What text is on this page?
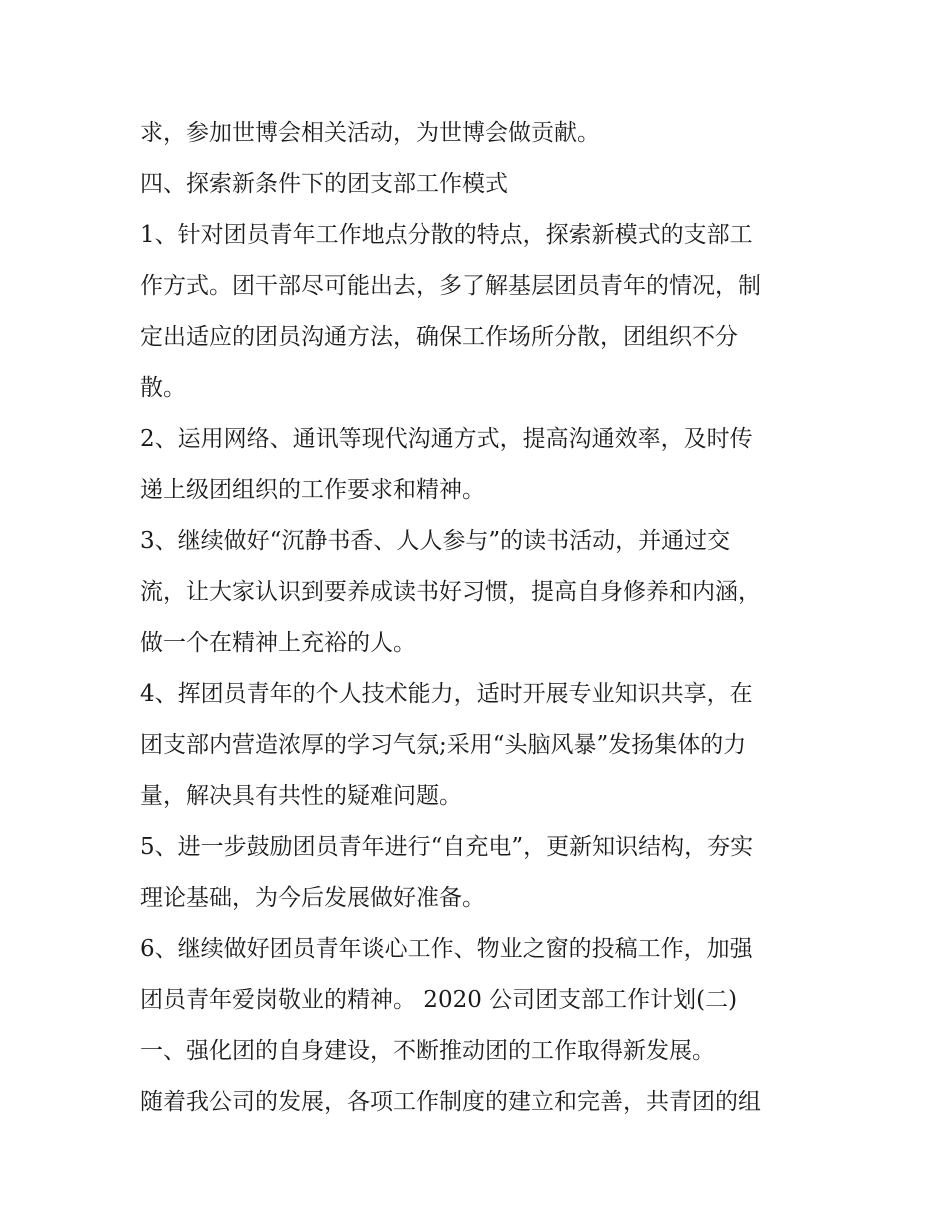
求，参加世博会相关活动，为世博会做贡献。
四、探索新条件下的团支部工作模式
1、针对团员青年工作地点分散的特点，探索新模式的支部工
作方式。团干部尽可能出去，多了解基层团员青年的情况，制
定出适应的团员沟通方法，确保工作场所分散，团组织不分
散。
2、运用网络、通讯等现代沟通方式，提高沟通效率，及时传
递上级团组织的工作要求和精神。
3、继续做好“沉静书香、人人参与”的读书活动，并通过交
流，让大家认识到要养成读书好习惯，提高自身修养和内涵，
做一个在精神上充裕的人。
4、挥团员青年的个人技术能力，适时开展专业知识共享，在
团支部内营造浓厚的学习气氛;采用“头脑风暴”发扬集体的力
量，解决具有共性的疑难问题。
5、进一步鼓励团员青年进行“自充电”，更新知识结构，夯实
理论基础，为今后发展做好准备。
6、继续做好团员青年谈心工作、物业之窗的投稿工作，加强
团员青年爱岗敬业的精神。 2020 公司团支部工作计划(二)
一、强化团的自身建设，不断推动团的工作取得新发展。
随着我公司的发展，各项工作制度的建立和完善，共青团的组
